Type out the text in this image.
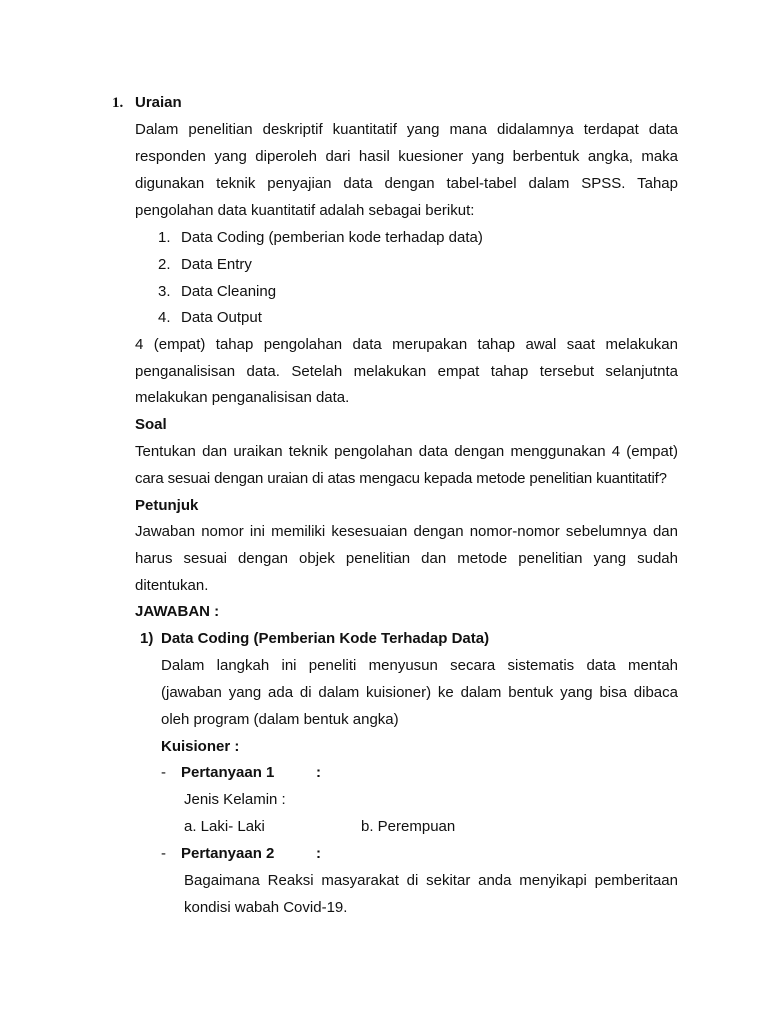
1. Uraian
Dalam penelitian deskriptif kuantitatif yang mana didalamnya terdapat data
responden yang diperoleh dari hasil kuesioner yang berbentuk angka, maka
digunakan teknik penyajian data dengan tabel-tabel dalam SPSS. Tahap
pengolahan data kuantitatif adalah sebagai berikut:
1. Data Coding (pemberian kode terhadap data)
2. Data Entry
3. Data Cleaning
4. Data Output
4 (empat) tahap pengolahan data merupakan tahap awal saat melakukan
penganalisisan data. Setelah melakukan empat tahap tersebut selanjutnta
melakukan penganalisisan data.
Soal
Tentukan dan uraikan teknik pengolahan data dengan menggunakan 4 (empat)
cara sesuai dengan uraian di atas mengacu kepada metode penelitian kuantitatif?
Petunjuk
Jawaban nomor ini memiliki kesesuaian dengan nomor-nomor sebelumnya dan
harus sesuai dengan objek penelitian dan metode penelitian yang sudah
ditentukan.
JAWABAN :
1) Data Coding (Pemberian Kode Terhadap Data)
Dalam langkah ini peneliti menyusun secara sistematis data mentah
(jawaban yang ada di dalam kuisioner) ke dalam bentuk yang bisa dibaca
oleh program (dalam bentuk angka)
Kuisioner :
- Pertanyaan 1	:
Jenis Kelamin :
a. Laki- Laki	b. Perempuan
- Pertanyaan 2	:
Bagaimana Reaksi masyarakat di sekitar anda menyikapi pemberitaan
kondisi wabah Covid-19.
